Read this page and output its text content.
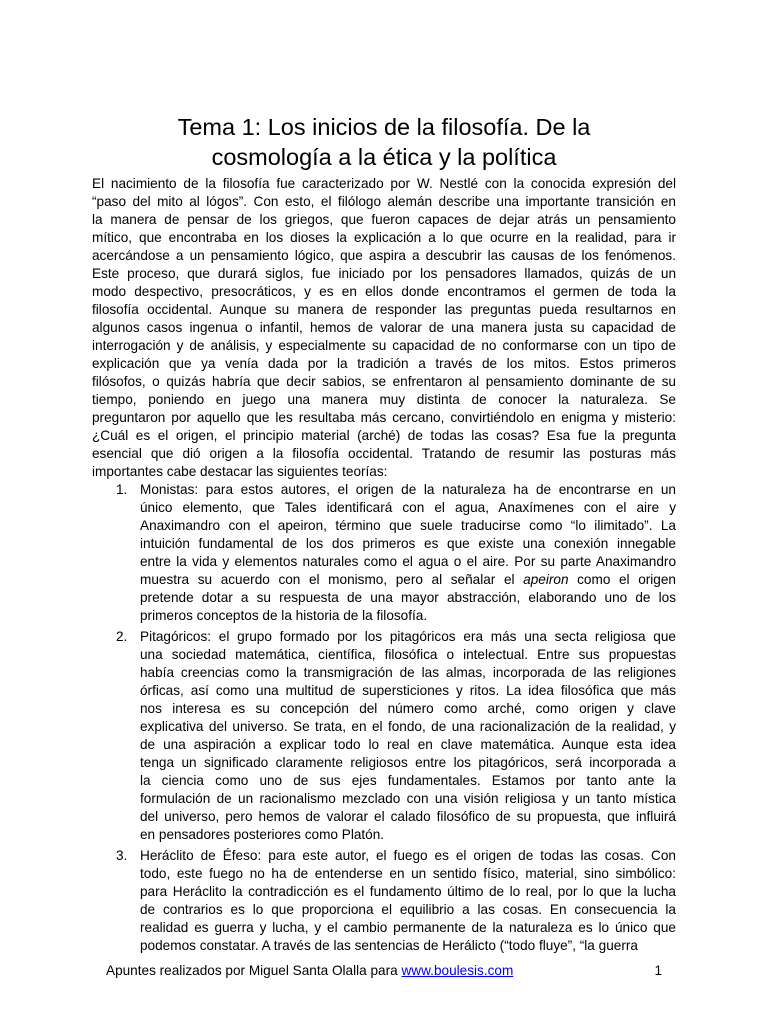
Tema 1: Los inicios de la filosofía. De la
cosmología a la ética y la política

El nacimiento de la filosofía fue caracterizado por W. Nestlé con la conocida expresión del
“paso del mito al lógos”. Con esto, el filólogo alemán describe una importante transición en
la manera de pensar de los griegos, que fueron capaces de dejar atrás un pensamiento
mítico, que encontraba en los dioses la explicación a lo que ocurre en la realidad, para ir
acercándose a un pensamiento lógico, que aspira a descubrir las causas de los fenómenos.
Este proceso, que durará siglos, fue iniciado por los pensadores llamados, quizás de un
modo despectivo, presocráticos, y es en ellos donde encontramos el germen de toda la
filosofía occidental. Aunque su manera de responder las preguntas pueda resultarnos en
algunos casos ingenua o infantil, hemos de valorar de una manera justa su capacidad de
interrogación y de análisis, y especialmente su capacidad de no conformarse con un tipo de
explicación que ya venía dada por la tradición a través de los mitos. Estos primeros
filósofos, o quizás habría que decir sabios, se enfrentaron al pensamiento dominante de su
tiempo, poniendo en juego una manera muy distinta de conocer la naturaleza. Se
preguntaron por aquello que les resultaba más cercano, convirtiéndolo en enigma y misterio:
¿Cuál es el origen, el principio material (arché) de todas las cosas? Esa fue la pregunta
esencial que dió origen a la filosofía occidental. Tratando de resumir las posturas más
importantes cabe destacar las siguientes teorías:

1. Monistas: para estos autores, el origen de la naturaleza ha de encontrarse en un
único elemento, que Tales identificará con el agua, Anaxímenes con el aire y
Anaximandro con el apeiron, término que suele traducirse como “lo ilimitado”. La
intuición fundamental de los dos primeros es que existe una conexión innegable
entre la vida y elementos naturales como el agua o el aire. Por su parte Anaximandro
muestra su acuerdo con el monismo, pero al señalar el apeiron como el origen
pretende dotar a su respuesta de una mayor abstracción, elaborando uno de los
primeros conceptos de la historia de la filosofía.
2. Pitagóricos: el grupo formado por los pitagóricos era más una secta religiosa que
una sociedad matemática, científica, filosófica o intelectual. Entre sus propuestas
había creencias como la transmigración de las almas, incorporada de las religiones
órficas, así como una multitud de supersticiones y ritos. La idea filosófica que más
nos interesa es su concepción del número como arché, como origen y clave
explicativa del universo. Se trata, en el fondo, de una racionalización de la realidad, y
de una aspiración a explicar todo lo real en clave matemática. Aunque esta idea
tenga un significado claramente religiosos entre los pitagóricos, será incorporada a
la ciencia como uno de sus ejes fundamentales. Estamos por tanto ante la
formulación de un racionalismo mezclado con una visión religiosa y un tanto mística
del universo, pero hemos de valorar el calado filosófico de su propuesta, que influirá
en pensadores posteriores como Platón.
3. Heráclito de Éfeso: para este autor, el fuego es el origen de todas las cosas. Con
todo, este fuego no ha de entenderse en un sentido físico, material, sino simbólico:
para Heráclito la contradicción es el fundamento último de lo real, por lo que la lucha
de contrarios es lo que proporciona el equilibrio a las cosas. En consecuencia la
realidad es guerra y lucha, y el cambio permanente de la naturaleza es lo único que
podemos constatar. A través de las sentencias de Herálicto (“todo fluye”, “la guerra
Apuntes realizados por Miguel Santa Olalla para www.boulesis.com	1
